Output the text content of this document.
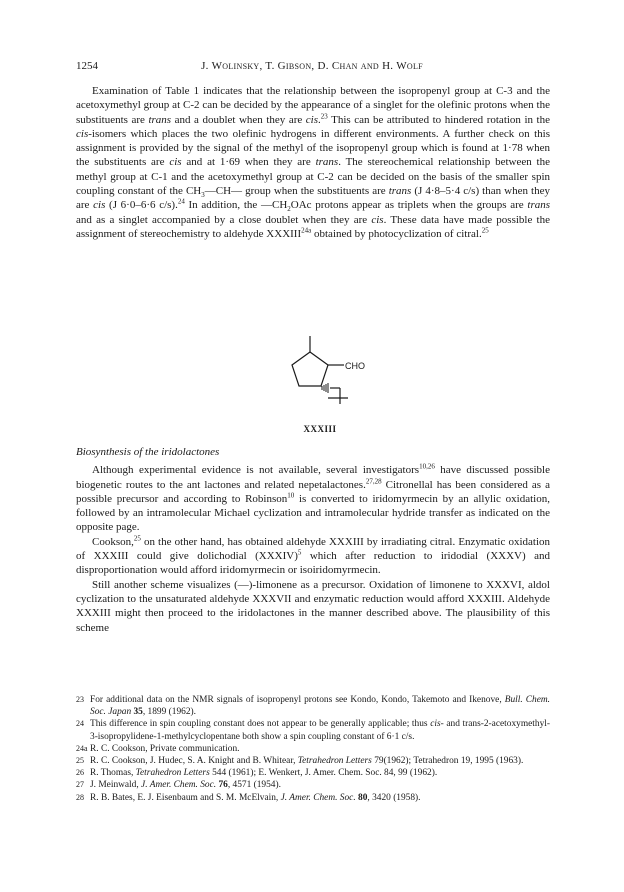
1254	J. Wolinsky, T. Gibson, D. Chan and H. Wolf

Examination of Table 1 indicates that the relationship between the isopropenyl group at C-3 and the acetoxymethyl group at C-2 can be decided by the appearance of a singlet for the olefinic protons when the substituents are trans and a doublet when they are cis.$^{23}$ This can be attributed to hindered rotation in the cis-isomers which places the two olefinic hydrogens in different environments. A further check on this assignment is provided by the signal of the methyl of the isopropenyl group which is found at 1·78 when the substituents are cis and at 1·69 when they are trans. The stereochemical relationship between the methyl group at C-1 and the acetoxymethyl group at C-2 can be decided on the basis of the smaller spin coupling constant of the $CH_3—CH—$ group when the substituents are trans (J 4·8–5·4 c/s) than when they are cis (J 6·0–6·6 c/s).$^{24}$ In addition, the $—CH_2OAc$ protons appear as triplets when the groups are trans and as a singlet accompanied by a close doublet when they are cis. These data have made possible the assignment of stereochemistry to aldehyde $XXXIII^{24a}$ obtained by photocyclization of citral.$^{25}$

CHO
XXXIII
Biosynthesis of the iridolactones

Although experimental evidence is not available, several investigators$^{10,26}$ have discussed possible biogenetic routes to the ant lactones and related nepetalactones.$^{27,28}$ Citronellal has been considered as a possible precursor and according to Robinson$^{10}$ is converted to iridomyrmecin by an allylic oxidation, followed by an intramolecular Michael cyclization and intramolecular hydride transfer as indicated on the opposite page.

Cookson,$^{25}$ on the other hand, has obtained aldehyde XXXIII by irradiating citral. Enzymatic oxidation of XXXIII could give dolichodial (XXXIV)$^5$ which after reduction to iridodial (XXXV) and disproportionation would afford iridomyrmecin or isoiridomyrmecin.

Still another scheme visualizes (—)-limonene as a precursor. Oxidation of limonene to XXXVI, aldol cyclization to the unsaturated aldehyde XXXVII and enzymatic reduction would afford XXXIII. Aldehyde XXXIII might then proceed to the iridolactones in the manner described above. The plausibility of this scheme

23 For additional data on the NMR signals of isopropenyl protons see Kondo, Kondo, Takemoto and Ikenove, Bull. Chem. Soc. Japan 35, 1899 (1962).

24 This difference in spin coupling constant does not appear to be generally applicable; thus cis- and trans-2-acetoxymethyl-3-isopropylidene-1-methylcyclopentane both show a spin coupling constant of 6·1 c/s.

24a R. C. Cookson, Private communication.

25 R. C. Cookson, J. Hudec, S. A. Knight and B. Whitear, Tetrahedron Letters 79(1962); Tetrahedron 19, 1995 (1963).

26 R. Thomas, Tetrahedron Letters 544 (1961); E. Wenkert, J. Amer. Chem. Soc. 84, 99 (1962).

27 J. Meinwald, J. Amer. Chem. Soc. 76, 4571 (1954).

28 R. B. Bates, E. J. Eisenbaum and S. M. McElvain, J. Amer. Chem. Soc. 80, 3420 (1958).
